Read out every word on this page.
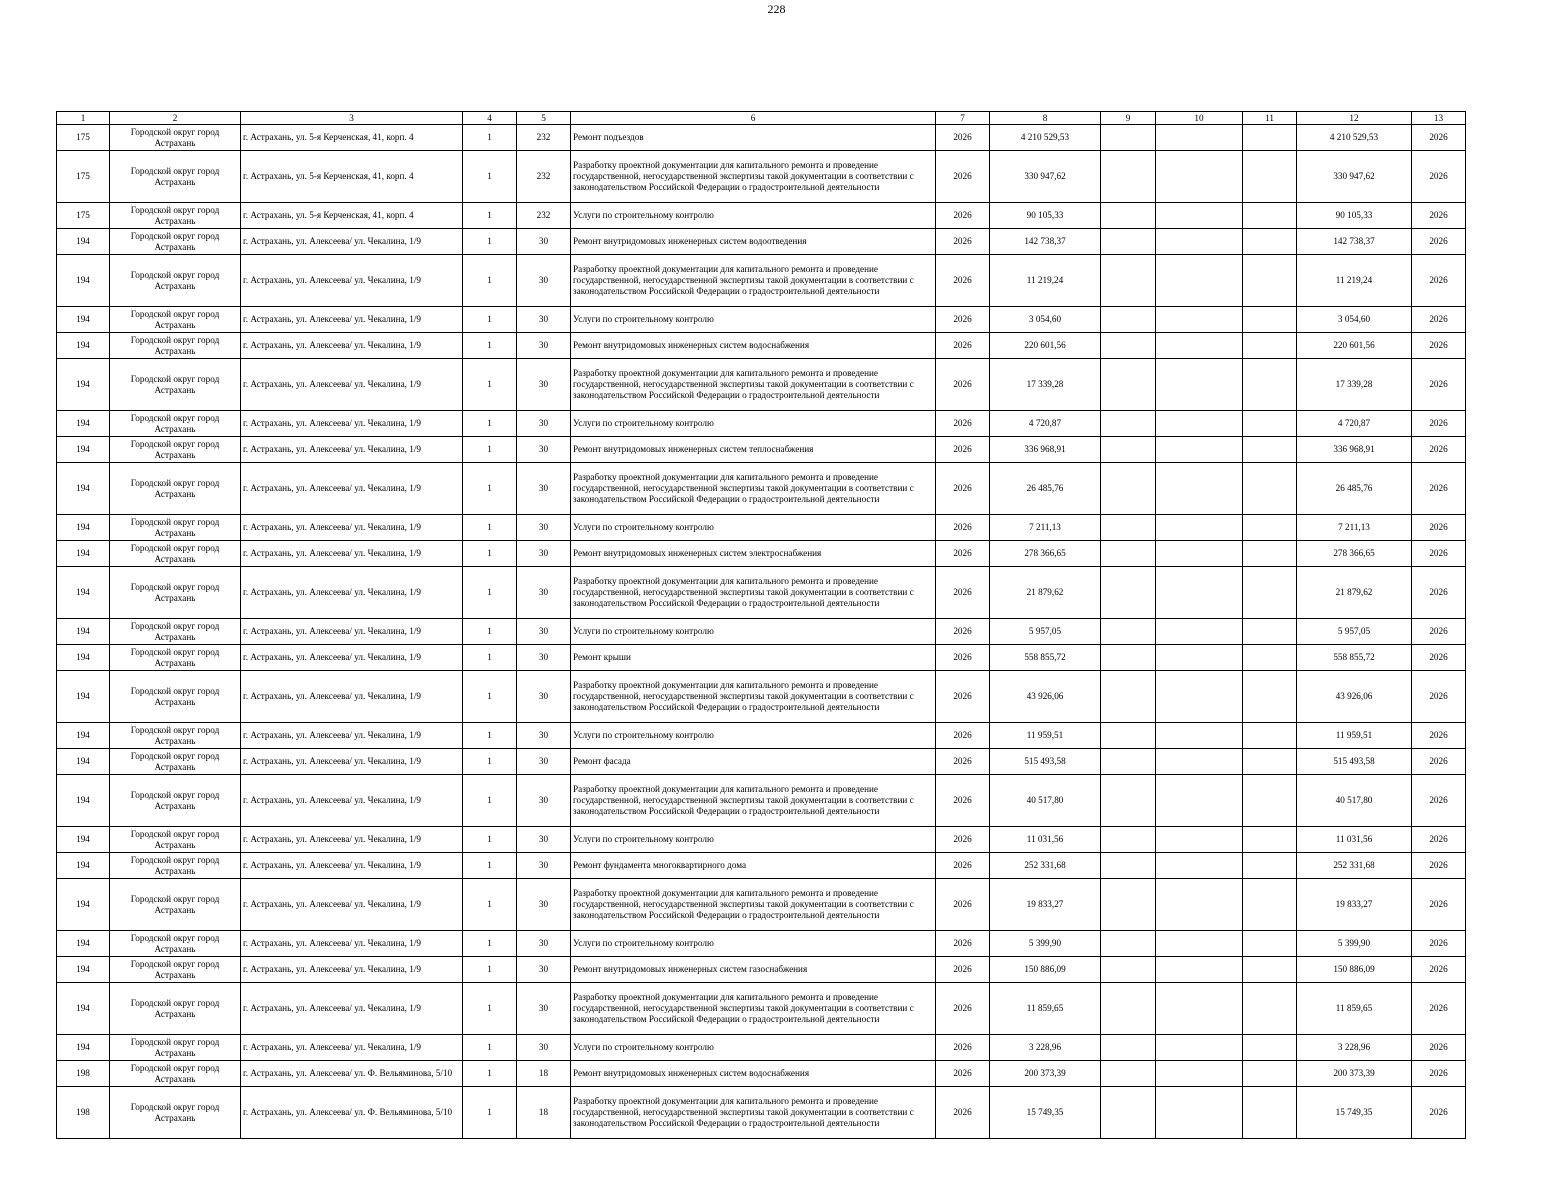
228
1	2	3	4	5	6	7	8	9	10	11	12	13
175	Городской округ город Астрахань	г. Астрахань, ул. 5-я Керченская, 41, корп. 4	1	232	Ремонт подъездов	2026	4 210 529,53				4 210 529,53	2026
175	Городской округ город Астрахань	г. Астрахань, ул. 5-я Керченская, 41, корп. 4	1	232	Разработку проектной документации для капитального ремонта и проведение государственной, негосударственной экспертизы такой документации в соответствии с законодательством Российской Федерации о градостроительной деятельности	2026	330 947,62				330 947,62	2026
175	Городской округ город Астрахань	г. Астрахань, ул. 5-я Керченская, 41, корп. 4	1	232	Услуги по строительному контролю	2026	90 105,33				90 105,33	2026
194	Городской округ город Астрахань	г. Астрахань, ул. Алексеева/ ул. Чекалина, 1/9	1	30	Ремонт внутридомовых инженерных систем водоотведения	2026	142 738,37				142 738,37	2026
194	Городской округ город Астрахань	г. Астрахань, ул. Алексеева/ ул. Чекалина, 1/9	1	30	Разработку проектной документации для капитального ремонта и проведение государственной, негосударственной экспертизы такой документации в соответствии с законодательством Российской Федерации о градостроительной деятельности	2026	11 219,24				11 219,24	2026
194	Городской округ город Астрахань	г. Астрахань, ул. Алексеева/ ул. Чекалина, 1/9	1	30	Услуги по строительному контролю	2026	3 054,60				3 054,60	2026
194	Городской округ город Астрахань	г. Астрахань, ул. Алексеева/ ул. Чекалина, 1/9	1	30	Ремонт внутридомовых инженерных систем водоснабжения	2026	220 601,56				220 601,56	2026
194	Городской округ город Астрахань	г. Астрахань, ул. Алексеева/ ул. Чекалина, 1/9	1	30	Разработку проектной документации для капитального ремонта и проведение государственной, негосударственной экспертизы такой документации в соответствии с законодательством Российской Федерации о градостроительной деятельности	2026	17 339,28				17 339,28	2026
194	Городской округ город Астрахань	г. Астрахань, ул. Алексеева/ ул. Чекалина, 1/9	1	30	Услуги по строительному контролю	2026	4 720,87				4 720,87	2026
194	Городской округ город Астрахань	г. Астрахань, ул. Алексеева/ ул. Чекалина, 1/9	1	30	Ремонт внутридомовых инженерных систем теплоснабжения	2026	336 968,91				336 968,91	2026
194	Городской округ город Астрахань	г. Астрахань, ул. Алексеева/ ул. Чекалина, 1/9	1	30	Разработку проектной документации для капитального ремонта и проведение государственной, негосударственной экспертизы такой документации в соответствии с законодательством Российской Федерации о градостроительной деятельности	2026	26 485,76				26 485,76	2026
194	Городской округ город Астрахань	г. Астрахань, ул. Алексеева/ ул. Чекалина, 1/9	1	30	Услуги по строительному контролю	2026	7 211,13				7 211,13	2026
194	Городской округ город Астрахань	г. Астрахань, ул. Алексеева/ ул. Чекалина, 1/9	1	30	Ремонт внутридомовых инженерных систем электроснабжения	2026	278 366,65				278 366,65	2026
194	Городской округ город Астрахань	г. Астрахань, ул. Алексеева/ ул. Чекалина, 1/9	1	30	Разработку проектной документации для капитального ремонта и проведение государственной, негосударственной экспертизы такой документации в соответствии с законодательством Российской Федерации о градостроительной деятельности	2026	21 879,62				21 879,62	2026
194	Городской округ город Астрахань	г. Астрахань, ул. Алексеева/ ул. Чекалина, 1/9	1	30	Услуги по строительному контролю	2026	5 957,05				5 957,05	2026
194	Городской округ город Астрахань	г. Астрахань, ул. Алексеева/ ул. Чекалина, 1/9	1	30	Ремонт крыши	2026	558 855,72				558 855,72	2026
194	Городской округ город Астрахань	г. Астрахань, ул. Алексеева/ ул. Чекалина, 1/9	1	30	Разработку проектной документации для капитального ремонта и проведение государственной, негосударственной экспертизы такой документации в соответствии с законодательством Российской Федерации о градостроительной деятельности	2026	43 926,06				43 926,06	2026
194	Городской округ город Астрахань	г. Астрахань, ул. Алексеева/ ул. Чекалина, 1/9	1	30	Услуги по строительному контролю	2026	11 959,51				11 959,51	2026
194	Городской округ город Астрахань	г. Астрахань, ул. Алексеева/ ул. Чекалина, 1/9	1	30	Ремонт фасада	2026	515 493,58				515 493,58	2026
194	Городской округ город Астрахань	г. Астрахань, ул. Алексеева/ ул. Чекалина, 1/9	1	30	Разработку проектной документации для капитального ремонта и проведение государственной, негосударственной экспертизы такой документации в соответствии с законодательством Российской Федерации о градостроительной деятельности	2026	40 517,80				40 517,80	2026
194	Городской округ город Астрахань	г. Астрахань, ул. Алексеева/ ул. Чекалина, 1/9	1	30	Услуги по строительному контролю	2026	11 031,56				11 031,56	2026
194	Городской округ город Астрахань	г. Астрахань, ул. Алексеева/ ул. Чекалина, 1/9	1	30	Ремонт фундамента многоквартирного дома	2026	252 331,68				252 331,68	2026
194	Городской округ город Астрахань	г. Астрахань, ул. Алексеева/ ул. Чекалина, 1/9	1	30	Разработку проектной документации для капитального ремонта и проведение государственной, негосударственной экспертизы такой документации в соответствии с законодательством Российской Федерации о градостроительной деятельности	2026	19 833,27				19 833,27	2026
194	Городской округ город Астрахань	г. Астрахань, ул. Алексеева/ ул. Чекалина, 1/9	1	30	Услуги по строительному контролю	2026	5 399,90				5 399,90	2026
194	Городской округ город Астрахань	г. Астрахань, ул. Алексеева/ ул. Чекалина, 1/9	1	30	Ремонт внутридомовых инженерных систем газоснабжения	2026	150 886,09				150 886,09	2026
194	Городской округ город Астрахань	г. Астрахань, ул. Алексеева/ ул. Чекалина, 1/9	1	30	Разработку проектной документации для капитального ремонта и проведение государственной, негосударственной экспертизы такой документации в соответствии с законодательством Российской Федерации о градостроительной деятельности	2026	11 859,65				11 859,65	2026
194	Городской округ город Астрахань	г. Астрахань, ул. Алексеева/ ул. Чекалина, 1/9	1	30	Услуги по строительному контролю	2026	3 228,96				3 228,96	2026
198	Городской округ город Астрахань	г. Астрахань, ул. Алексеева/ ул. Ф. Вельяминова, 5/10	1	18	Ремонт внутридомовых инженерных систем водоснабжения	2026	200 373,39				200 373,39	2026
198	Городской округ город Астрахань	г. Астрахань, ул. Алексеева/ ул. Ф. Вельяминова, 5/10	1	18	Разработку проектной документации для капитального ремонта и проведение государственной, негосударственной экспертизы такой документации в соответствии с законодательством Российской Федерации о градостроительной деятельности	2026	15 749,35				15 749,35	2026
